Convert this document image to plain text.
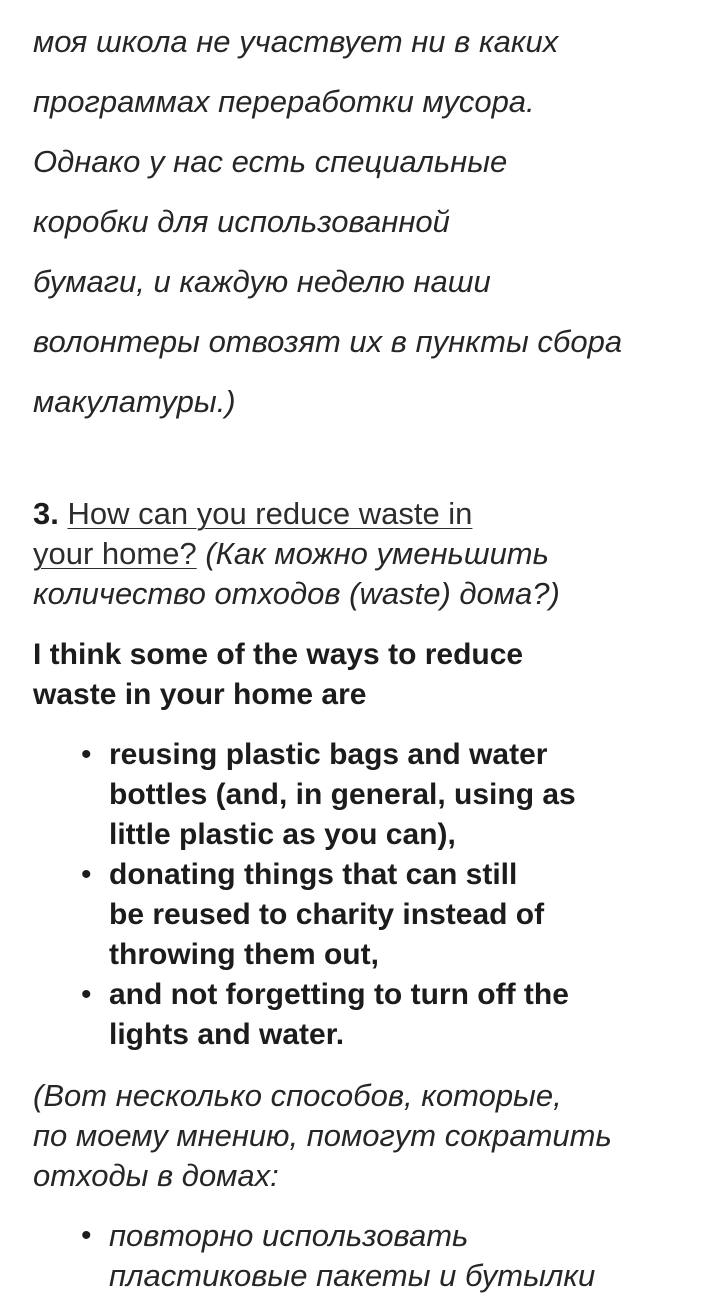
моя школа не участвует ни в каких
программах переработки мусора.
Однако у нас есть специальные
коробки для использованной
бумаги, и каждую неделю наши
волонтеры отвозят их в пункты сбора
макулатуры.)
3. How can you reduce waste in
your home? (Как можно уменьшить
количество отходов (waste) дома?)
I think some of the ways to reduce
waste in your home are
• reusing plastic bags and water
bottles (and, in general, using as
little plastic as you can),
• donating things that can still
be reused to charity instead of
throwing them out,
• and not forgetting to turn off the
lights and water.
(Вот несколько способов, которые,
по моему мнению, помогут сократить
отходы в домах:
• повторно использовать
пластиковые пакеты и бутылки
